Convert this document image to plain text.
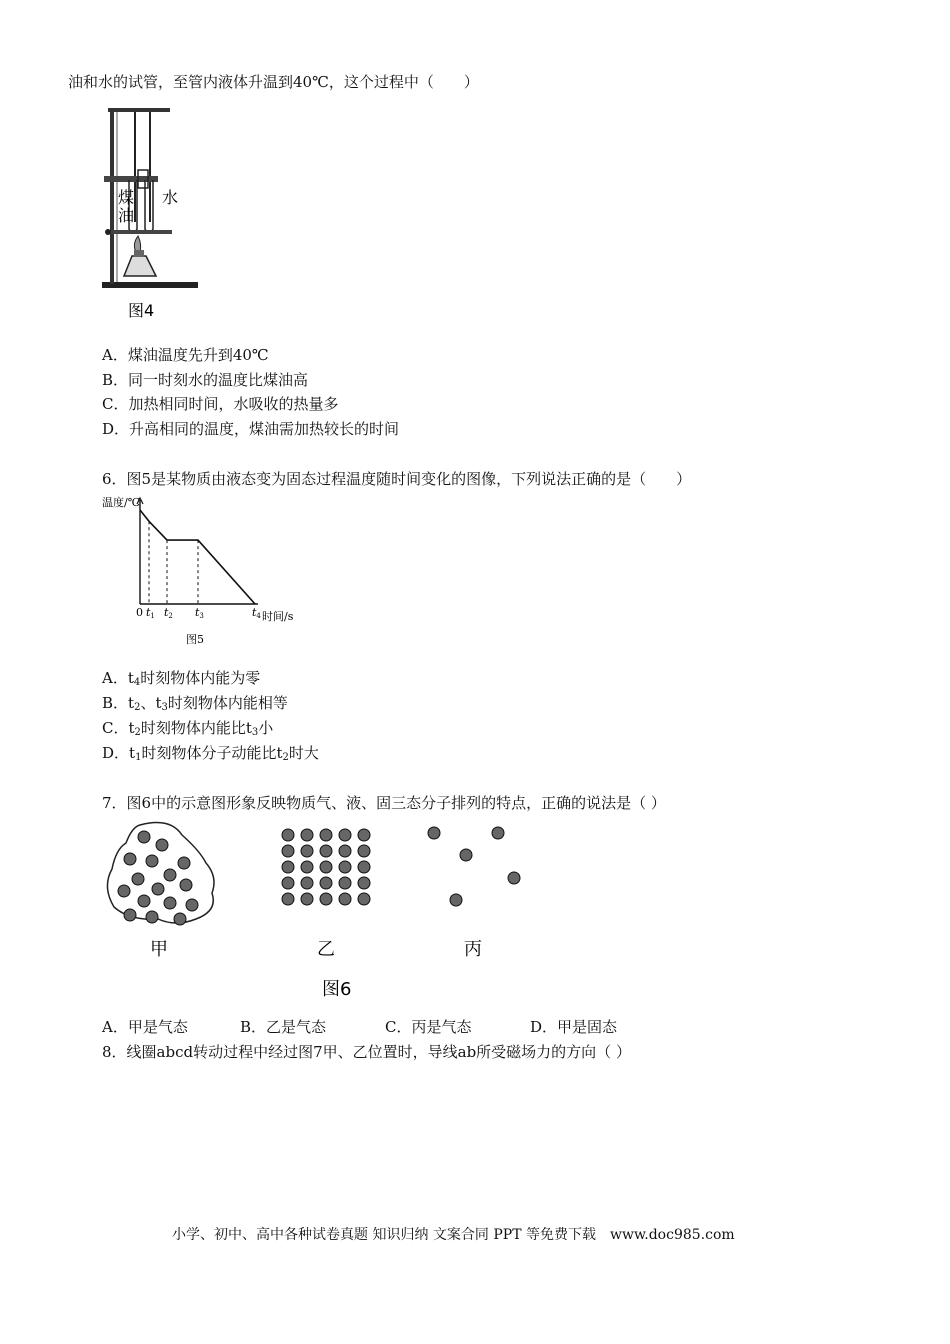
油和水的试管，至管内液体升温到40℃，这个过程中（　　）
煤
油
水
图4
A．煤油温度先升到40℃
B．同一时刻水的温度比煤油高
C．加热相同时间，水吸收的热量多
D．升高相同的温度，煤油需加热较长的时间
6．图5是某物质由液态变为固态过程温度随时间变化的图像，下列说法正确的是（　　）
温度/℃
0 t1 t2 t3	t4 时间/s
图5
A．$t_4$时刻物体内能为零
B．$t_2$、$t_3$时刻物体内能相等
C．$t_2$时刻物体内能比$t_3$小
D．$t_1$时刻物体分子动能比$t_2$时大
7．图6中的示意图形象反映物质气、液、固三态分子排列的特点，正确的说法是（ ）
甲	乙	丙
图6
A．甲是气态	B．乙是气态	C．丙是气态	D．甲是固态
8．线圈abcd转动过程中经过图7甲、乙位置时，导线ab所受磁场力的方向（ ）
小学、初中、高中各种试卷真题 知识归纳 文案合同 PPT 等免费下载　www.doc985.com
